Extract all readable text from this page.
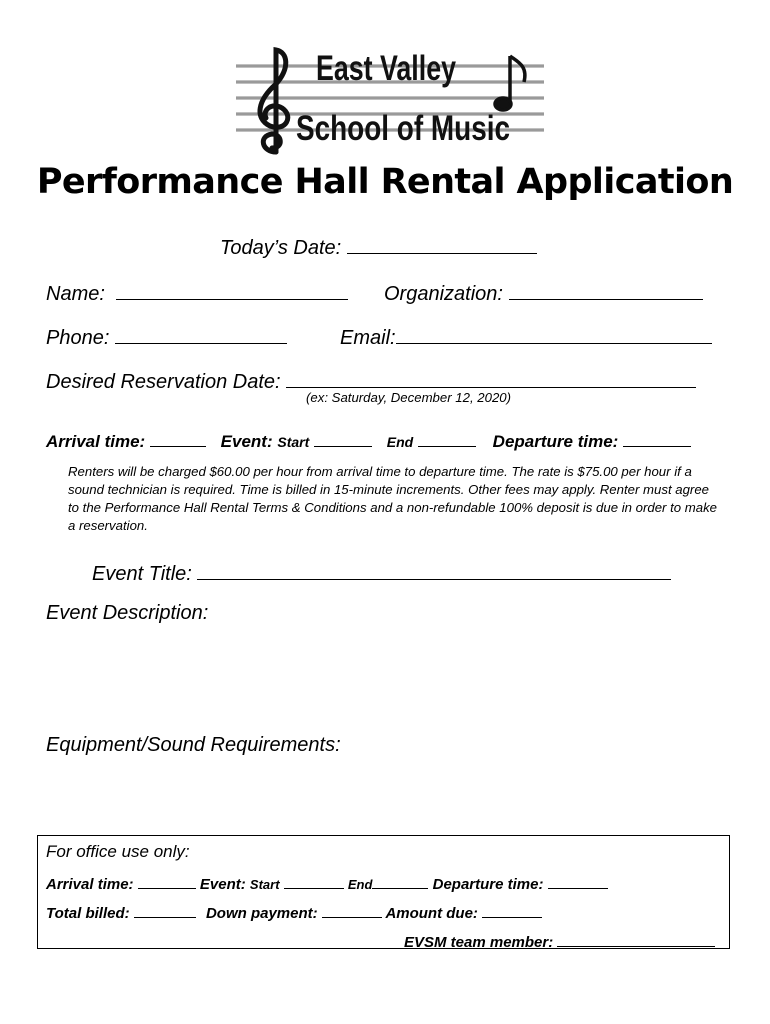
East Valley
School of Music
Performance Hall Rental Application
Today’s Date:
Name:	Organization:
Phone:	Email:
Desired Reservation Date:
(ex: Saturday, December 12, 2020)
Arrival time:	Event: Start	End	Departure time:
Renters will be charged $60.00 per hour from arrival time to departure time. The rate is $75.00 per hour if a sound technician is required. Time is billed in 15-minute increments. Other fees may apply. Renter must agree to the Performance Hall Rental Terms & Conditions and a non-refundable 100% deposit is due in order to make a reservation.
Event Title:
Event Description:
Equipment/Sound Requirements:
For office use only:
Arrival time:	Event: Start	End	Departure time:
Total billed:	Down payment:	Amount due:
EVSM team member:
